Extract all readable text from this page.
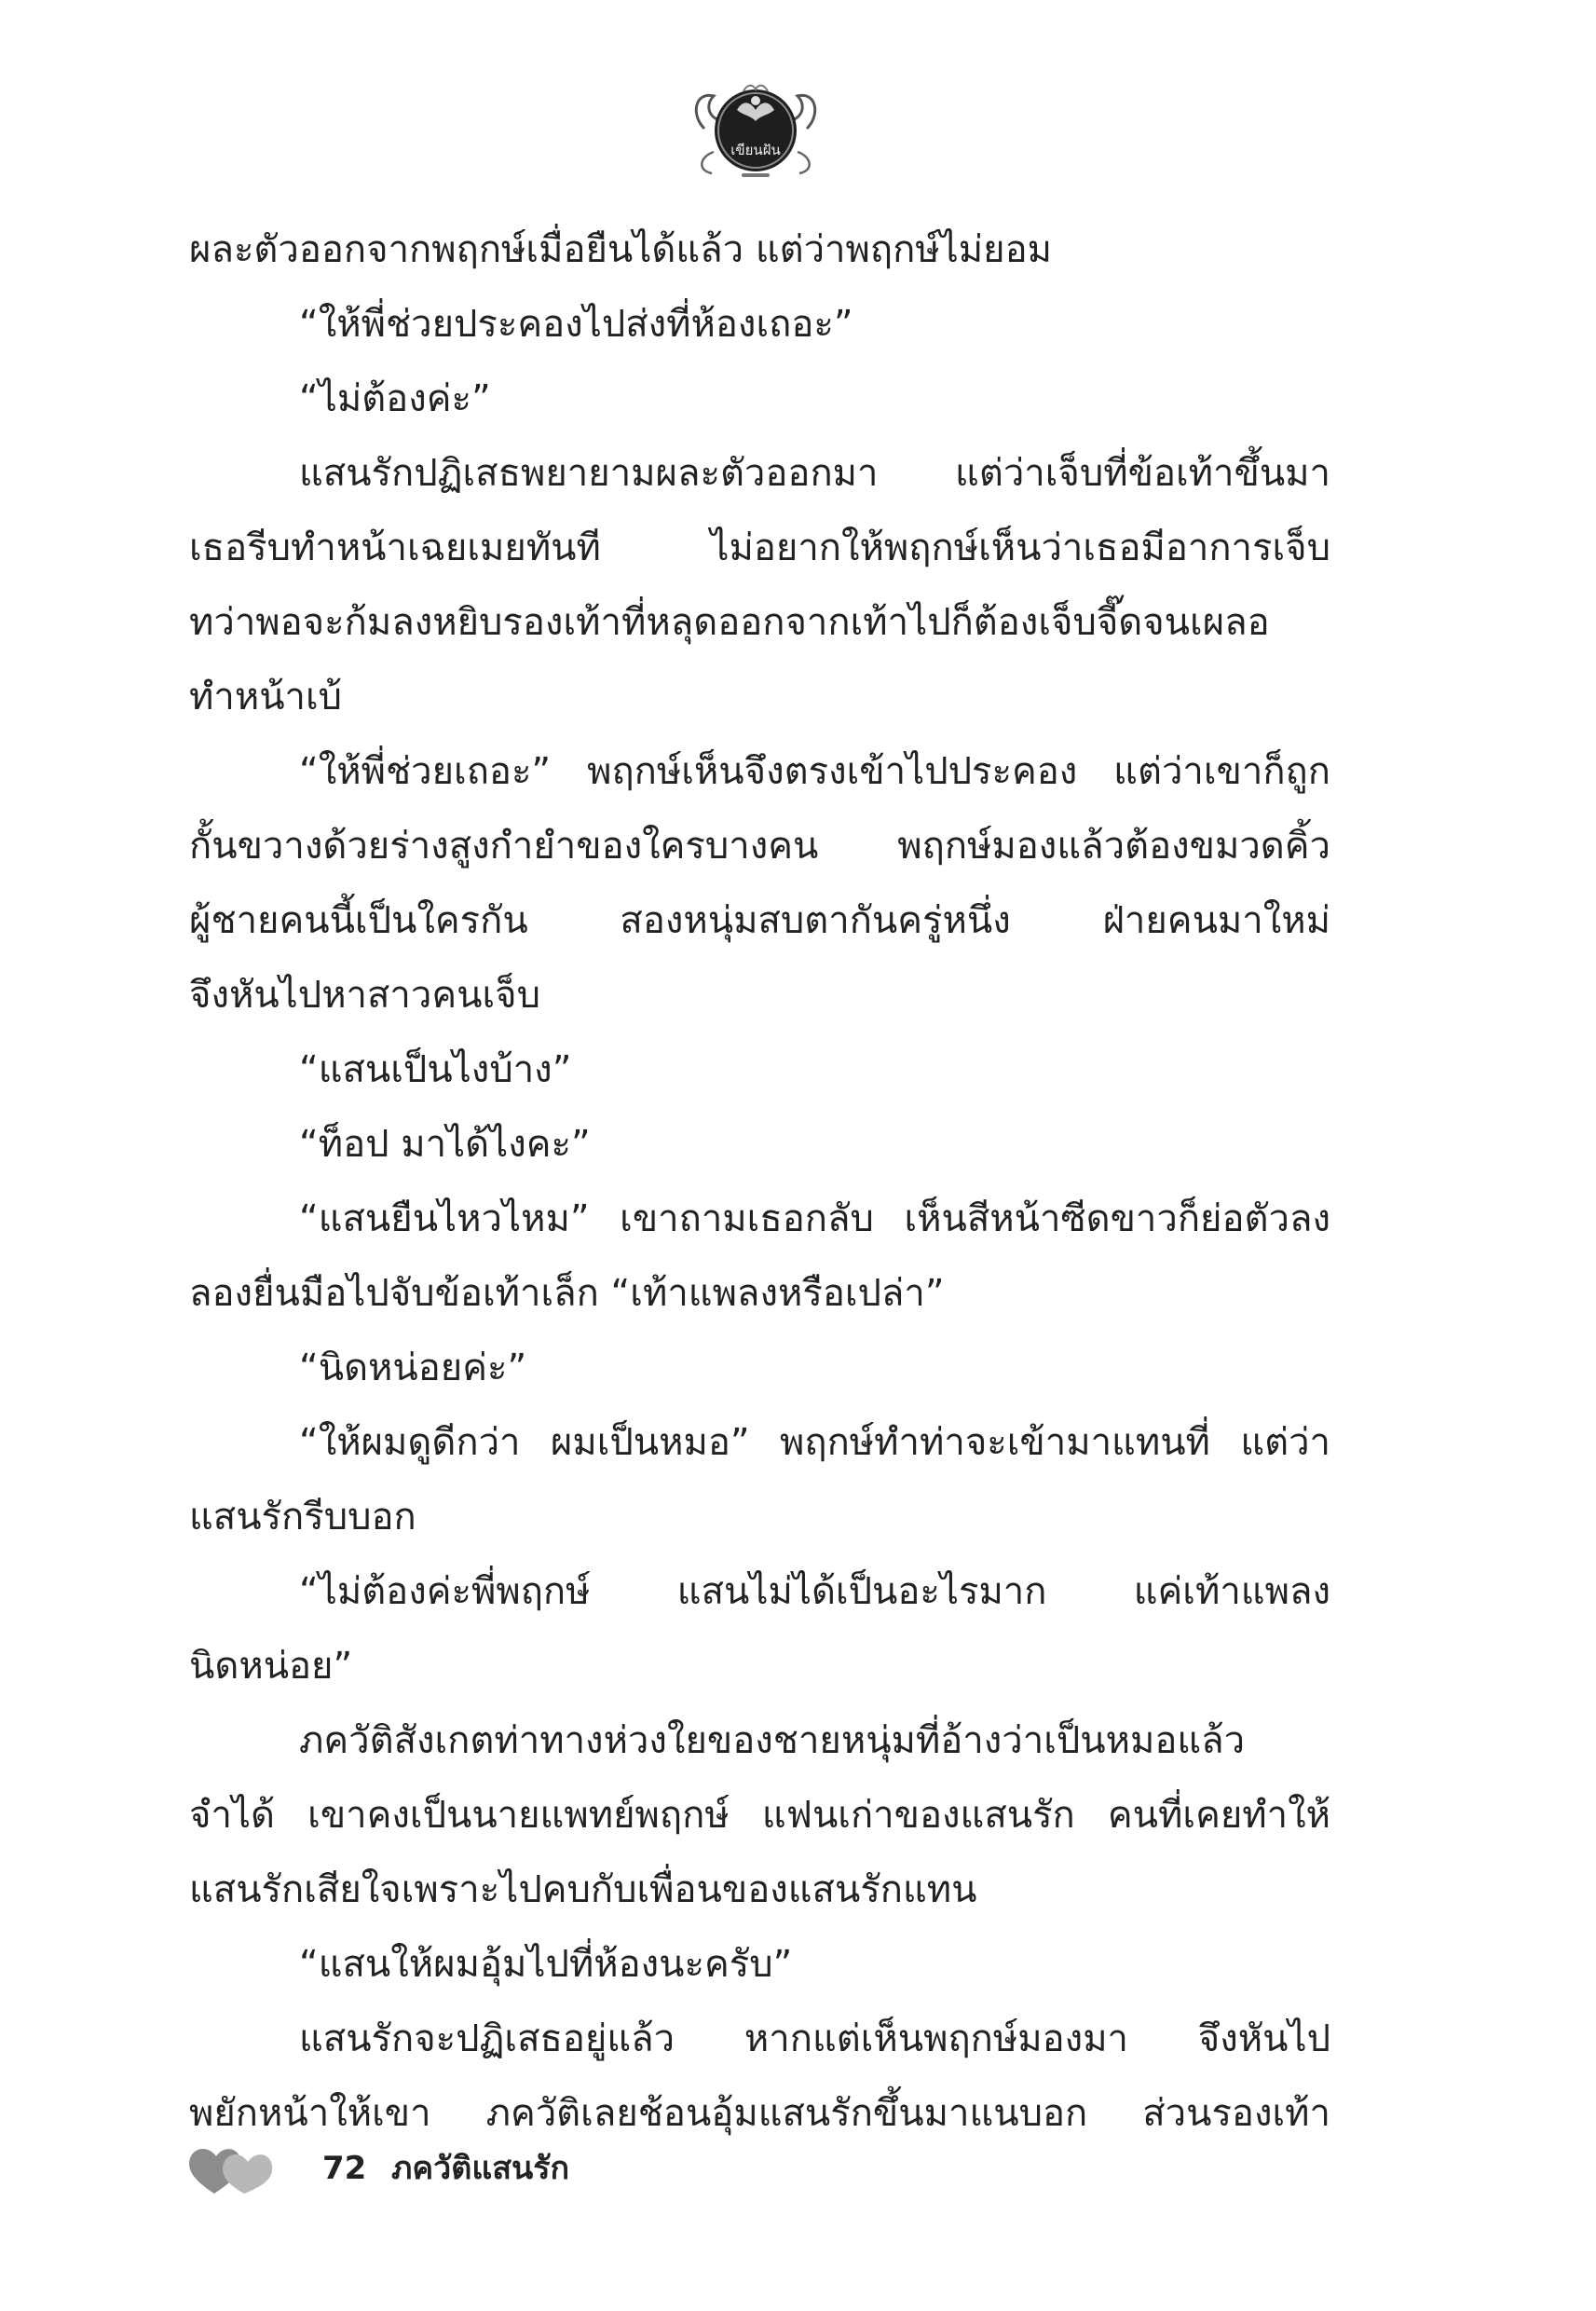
เขียนฝัน
ผละตัวออกจากพฤกษ์เมื่อยืนได้แล้ว แต่ว่าพฤกษ์ไม่ยอม
“ให้พี่ช่วยประคองไปส่งที่ห้องเถอะ”
“ไม่ต้องค่ะ”
แสนรักปฏิเสธพยายามผละตัวออกมา แต่ว่าเจ็บที่ข้อเท้าขึ้นมา
เธอรีบทำหน้าเฉยเมยทันที ไม่อยากให้พฤกษ์เห็นว่าเธอมีอาการเจ็บ
ทว่าพอจะก้มลงหยิบรองเท้าที่หลุดออกจากเท้าไปก็ต้องเจ็บจี๊ดจนเผลอ
ทำหน้าเบ้
“ให้พี่ช่วยเถอะ” พฤกษ์เห็นจึงตรงเข้าไปประคอง แต่ว่าเขาก็ถูก
กั้นขวางด้วยร่างสูงกำยำของใครบางคน พฤกษ์มองแล้วต้องขมวดคิ้ว
ผู้ชายคนนี้เป็นใครกัน สองหนุ่มสบตากันครู่หนึ่ง ฝ่ายคนมาใหม่
จึงหันไปหาสาวคนเจ็บ
“แสนเป็นไงบ้าง”
“ท็อป มาได้ไงคะ”
“แสนยืนไหวไหม” เขาถามเธอกลับ เห็นสีหน้าซีดขาวก็ย่อตัวลง
ลองยื่นมือไปจับข้อเท้าเล็ก “เท้าแพลงหรือเปล่า”
“นิดหน่อยค่ะ”
“ให้ผมดูดีกว่า ผมเป็นหมอ” พฤกษ์ทำท่าจะเข้ามาแทนที่ แต่ว่า
แสนรักรีบบอก
“ไม่ต้องค่ะพี่พฤกษ์ แสนไม่ได้เป็นอะไรมาก แค่เท้าแพลง
นิดหน่อย”
ภควัติสังเกตท่าทางห่วงใยของชายหนุ่มที่อ้างว่าเป็นหมอแล้ว
จำได้ เขาคงเป็นนายแพทย์พฤกษ์ แฟนเก่าของแสนรัก คนที่เคยทำให้
แสนรักเสียใจเพราะไปคบกับเพื่อนของแสนรักแทน
“แสนให้ผมอุ้มไปที่ห้องนะครับ”
แสนรักจะปฏิเสธอยู่แล้ว หากแต่เห็นพฤกษ์มองมา จึงหันไป
พยักหน้าให้เขา ภควัติเลยช้อนอุ้มแสนรักขึ้นมาแนบอก ส่วนรองเท้า
72 ภควัติแสนรัก
